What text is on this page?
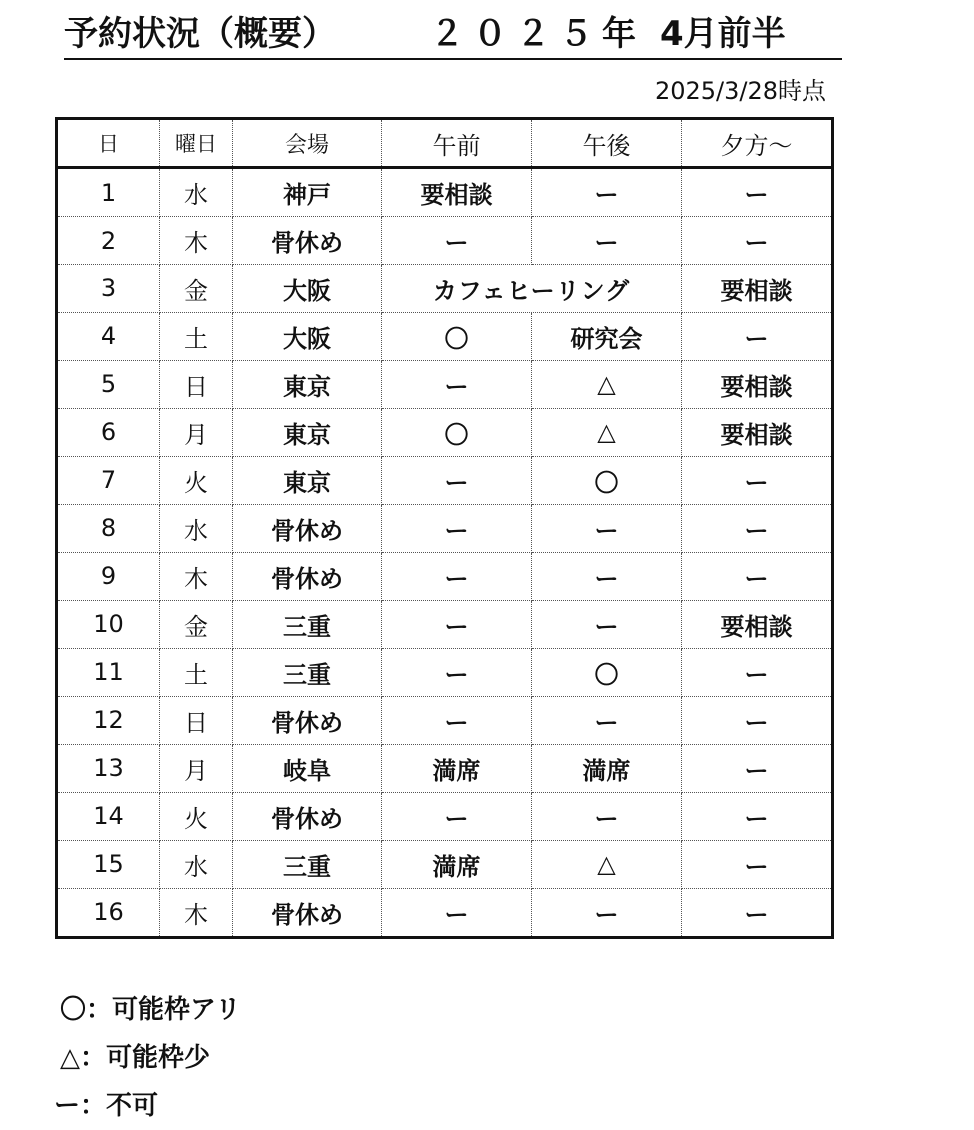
予約状況（概要）	２０２５年 4月前半
2025/3/28時点
日	曜日	会場	午前	午後	夕方～
1	水	神戸	要相談	ー	ー
2	木	骨休め	ー	ー	ー
3	金	大阪	カフェヒーリング		要相談
4	土	大阪	〇	研究会	ー
5	日	東京	ー	△	要相談
6	月	東京	〇	△	要相談
7	火	東京	ー	〇	ー
8	水	骨休め	ー	ー	ー
9	木	骨休め	ー	ー	ー
10	金	三重	ー	ー	要相談
11	土	三重	ー	〇	ー
12	日	骨休め	ー	ー	ー
13	月	岐阜	満席	満席	ー
14	火	骨休め	ー	ー	ー
15	水	三重	満席	△	ー
16	木	骨休め	ー	ー	ー
〇：可能枠アリ
△：可能枠少
ー：不可
